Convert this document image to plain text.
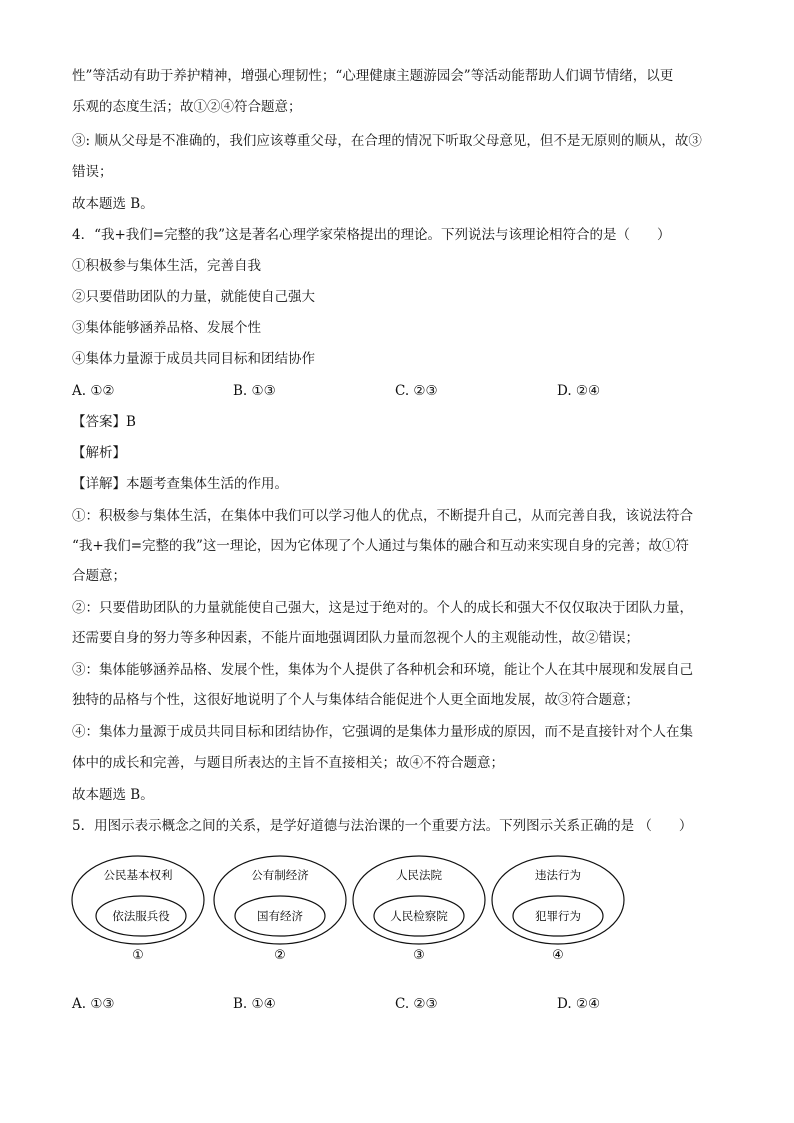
性”等活动有助于养护精神，增强心理韧性；“心理健康主题游园会”等活动能帮助人们调节情绪，以更
乐观的态度生活；故①②④符合题意；
③: 顺从父母是不准确的，我们应该尊重父母，在合理的情况下听取父母意见，但不是无原则的顺从，故③
错误；
故本题选 B。
4．“我+我们=完整的我”这是著名心理学家荣格提出的理论。下列说法与该理论相符合的是（　　）
①积极参与集体生活，完善自我
②只要借助团队的力量，就能使自己强大
③集体能够涵养品格、发展个性
④集体力量源于成员共同目标和团结协作
A. ①②	B. ①③	C. ②③	D. ②④
【答案】B
【解析】
【详解】本题考查集体生活的作用。
①：积极参与集体生活，在集体中我们可以学习他人的优点，不断提升自己，从而完善自我，该说法符合
“我+我们=完整的我”这一理论，因为它体现了个人通过与集体的融合和互动来实现自身的完善；故①符
合题意；
②：只要借助团队的力量就能使自己强大，这是过于绝对的。个人的成长和强大不仅仅取决于团队力量，
还需要自身的努力等多种因素，不能片面地强调团队力量而忽视个人的主观能动性，故②错误；
③：集体能够涵养品格、发展个性，集体为个人提供了各种机会和环境，能让个人在其中展现和发展自己
独特的品格与个性，这很好地说明了个人与集体结合能促进个人更全面地发展，故③符合题意；
④：集体力量源于成员共同目标和团结协作，它强调的是集体力量形成的原因，而不是直接针对个人在集
体中的成长和完善，与题目所表达的主旨不直接相关；故④不符合题意；
故本题选 B。
5．用图示表示概念之间的关系，是学好道德与法治课的一个重要方法。下列图示关系正确的是 （　　）
公民基本权利
依法服兵役
①
公有制经济
国有经济
②
人民法院
人民检察院
③
违法行为
犯罪行为
④
A. ①③	B. ①④	C. ②③	D. ②④
